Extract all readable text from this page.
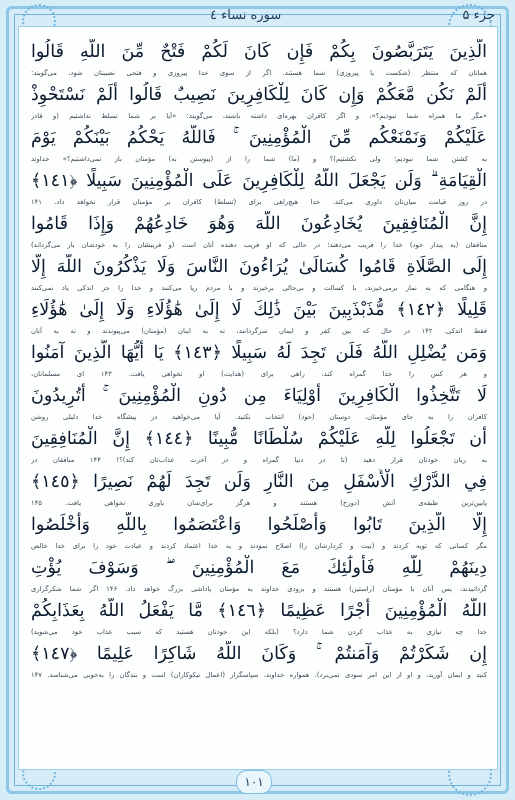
جزء ۵
سوره نساء ٤
الَّذِينَ يَتَرَبَّصُونَ بِكُمْ فَإِن كَانَ لَكُمْ فَتْحٌ مِّنَ اللَّهِ قَالُوا
همانان كه منتظر (شكست يا پيروزی) شما هستند. اگر از سوی خدا پيروزی و فتحی نصيبتان شود، می‌گويند:
أَلَمْ نَكُن مَّعَكُمْ وَإِن كَانَ لِلْكَافِرِينَ نَصِيبٌ قَالُوا أَلَمْ نَسْتَحْوِذْ
«مگر ما همراه شما نبوديم؟»، و اگر كافران بهره‌ای داشته باشند، می‌گويند: «آيا بر شما تسلط نداشتيم (و قادر
عَلَيْكُمْ وَنَمْنَعْكُم مِّنَ الْمُؤْمِنِينَ ۚ فَاللَّهُ يَحْكُمُ بَيْنَكُمْ يَوْمَ
به كشتن شما نبوديم؛ ولی نكشتيم)؟ و (ما) شما را از (پيوستن به) مؤمنان باز نمی‌داشتيم؟» خداوند
الْقِيَامَةِ ۗ وَلَن يَجْعَلَ اللَّهُ لِلْكَافِرِينَ عَلَى الْمُؤْمِنِينَ سَبِيلًا ﴿١٤١﴾
در روز قيامت ميان‌تان داوری می‌كند. خدا هيچ‌راهی برای (تسلط) كافران بر مؤمنان قرار نخواهد داد. ۱۴۱
إِنَّ الْمُنَافِقِينَ يُخَادِعُونَ اللَّهَ وَهُوَ خَادِعُهُمْ وَإِذَا قَامُوا
منافقان (به پندار خود) خدا را فريب می‌دهند؛ در حالی كه او فريب دهنده آنان است (و فريبشان را به خودشان باز می‌گرداند)
إِلَى الصَّلَاةِ قَامُوا كُسَالَىٰ يُرَاءُونَ النَّاسَ وَلَا يَذْكُرُونَ اللَّهَ إِلَّا
و هنگامی كه به نماز برمی‌خيزند، با كسالت و بی‌حالی برخيزند و با مردم ريا می‌كنند و خدا را جز اندكی ياد نمی‌كنند
قَلِيلًا ﴿١٤٢﴾ مُّذَبْذَبِينَ بَيْنَ ذَٰلِكَ لَا إِلَىٰ هَٰؤُلَاءِ وَلَا إِلَىٰ هَٰؤُلَاءِ
فقط اندكی. ۱۴۲ در حال كه بين كفر و ايمان سرگردانند، نه به اينان (مؤمنان) می‌پيوندند و نه به آنان
وَمَن يُضْلِلِ اللَّهُ فَلَن تَجِدَ لَهُ سَبِيلًا ﴿١٤٣﴾ يَا أَيُّهَا الَّذِينَ آمَنُوا
و هر كس را خدا گمراه كند، راهی برای (هدايت) او نخواهی يافت. ۱۴۳ ای مسلمانان،
لَا تَتَّخِذُوا الْكَافِرِينَ أَوْلِيَاءَ مِن دُونِ الْمُؤْمِنِينَ ۚ أَتُرِيدُونَ
كافران را به جای مؤمنان، دوستان (خود) انتخاب نكنيد. آيا می‌خواهيد در پيشگاه خدا دليلی روشن
أَن تَجْعَلُوا لِلَّهِ عَلَيْكُمْ سُلْطَانًا مُّبِينًا ﴿١٤٤﴾ إِنَّ الْمُنَافِقِينَ
به زيان خودتان قرار دهيد (تا در دنيا گمراه و در آخرت عذاب‌تان كند)؟! ۱۴۴ منافقان در
فِي الدَّرْكِ الْأَسْفَلِ مِنَ النَّارِ وَلَن تَجِدَ لَهُمْ نَصِيرًا ﴿١٤٥﴾
پايين‌ترين طبقه‌ی آتش (دوزخ) هستند و هرگز برای‌شان ياوری نخواهی يافت. ۱۴۵
إِلَّا الَّذِينَ تَابُوا وَأَصْلَحُوا وَاعْتَصَمُوا بِاللَّهِ وَأَخْلَصُوا
مگر كسانی كه توبه كردند و (نيت و كردارشان را) اصلاح نمودند و به خدا اعتماد كردند و عبادت خود را برای خدا خالص
دِينَهُمْ لِلَّهِ فَأُولَٰئِكَ مَعَ الْمُؤْمِنِينَ ۖ وَسَوْفَ يُؤْتِ
گردانيدند، پس آنان با مؤمنان (راستين) هستند و بزودی خداوند به مؤمنان پاداشی بزرگ خواهد داد. ۱۴۶ اگر شما شكرگزاری
اللَّهُ الْمُؤْمِنِينَ أَجْرًا عَظِيمًا ﴿١٤٦﴾ مَّا يَفْعَلُ اللَّهُ بِعَذَابِكُمْ
خدا چه نيازی به عذاب كردن شما دارد؟ (بلكه اين خودتان هستيد كه سبب عذاب خود می‌شويد)
إِن شَكَرْتُمْ وَآمَنتُمْ ۚ وَكَانَ اللَّهُ شَاكِرًا عَلِيمًا ﴿١٤٧﴾
كنيد و ايمان آوريد، و او از اين امر سودی نمی‌برد)، همواره خداوند، سپاسگزار (اعمال نيكوكاران) است و بندگان را به‌خوبی می‌شناسد. ۱۴۷
۱۰۱
